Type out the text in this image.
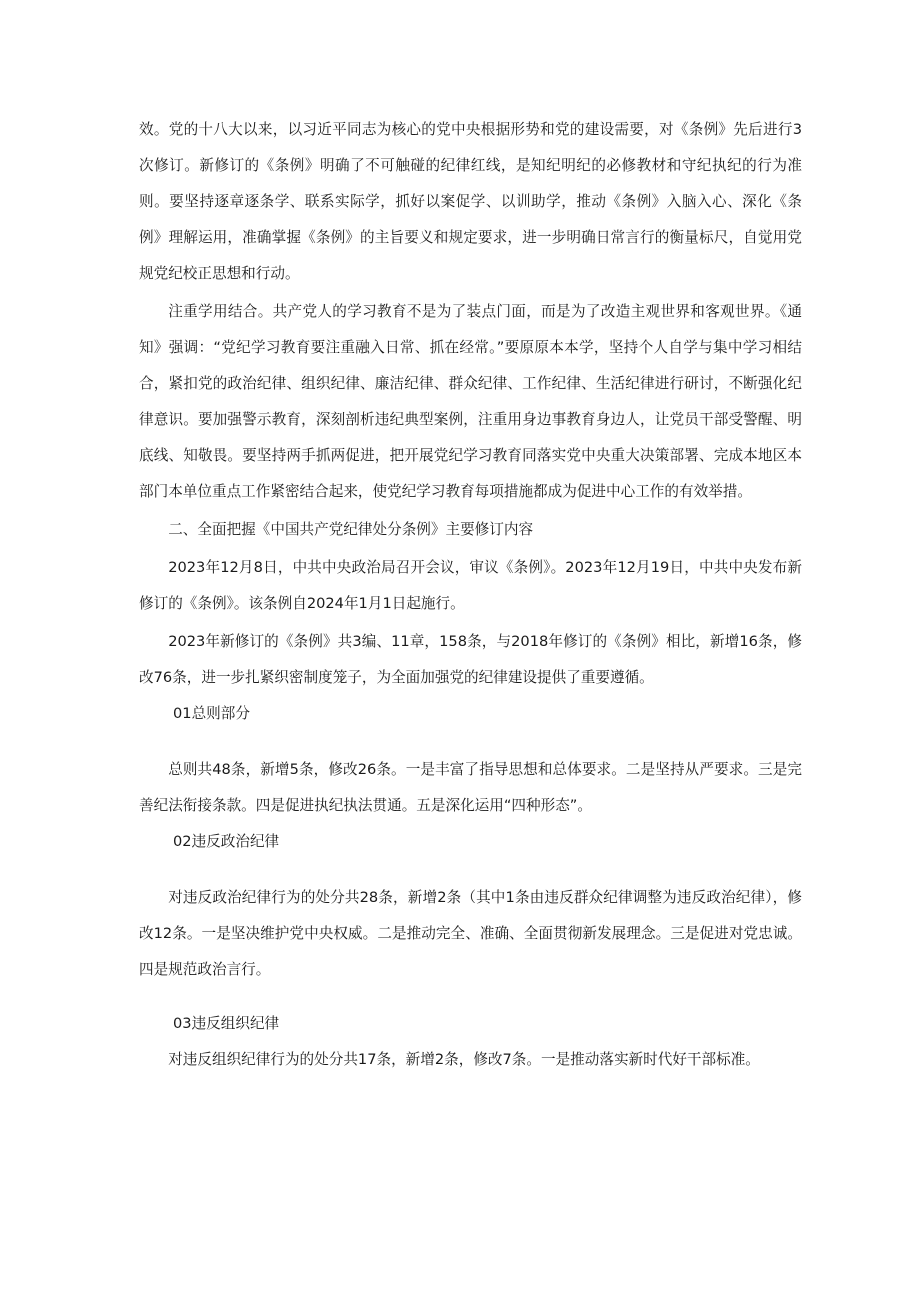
效。党的十八大以来，以习近平同志为核心的党中央根据形势和党的建设需要，对《条例》先后进行3次修订。新修订的《条例》明确了不可触碰的纪律红线，是知纪明纪的必修教材和守纪执纪的行为准则。要坚持逐章逐条学、联系实际学，抓好以案促学、以训助学，推动《条例》入脑入心、深化《条例》理解运用，准确掌握《条例》的主旨要义和规定要求，进一步明确日常言行的衡量标尺，自觉用党规党纪校正思想和行动。

注重学用结合。共产党人的学习教育不是为了装点门面，而是为了改造主观世界和客观世界。《通知》强调：“党纪学习教育要注重融入日常、抓在经常。”要原原本本学，坚持个人自学与集中学习相结合，紧扣党的政治纪律、组织纪律、廉洁纪律、群众纪律、工作纪律、生活纪律进行研讨，不断强化纪律意识。要加强警示教育，深刻剖析违纪典型案例，注重用身边事教育身边人，让党员干部受警醒、明底线、知敬畏。要坚持两手抓两促进，把开展党纪学习教育同落实党中央重大决策部署、完成本地区本部门本单位重点工作紧密结合起来，使党纪学习教育每项措施都成为促进中心工作的有效举措。

二、全面把握《中国共产党纪律处分条例》主要修订内容

2023年12月8日，中共中央政治局召开会议，审议《条例》。2023年12月19日，中共中央发布新修订的《条例》。该条例自2024年1月1日起施行。

2023年新修订的《条例》共3编、11章，158条，与2018年修订的《条例》相比，新增16条，修改76条，进一步扎紧织密制度笼子，为全面加强党的纪律建设提供了重要遵循。

01总则部分

总则共48条，新增5条，修改26条。一是丰富了指导思想和总体要求。二是坚持从严要求。三是完善纪法衔接条款。四是促进执纪执法贯通。五是深化运用“四种形态”。

02违反政治纪律

对违反政治纪律行为的处分共28条，新增2条（其中1条由违反群众纪律调整为违反政治纪律），修改12条。一是坚决维护党中央权威。二是推动完全、准确、全面贯彻新发展理念。三是促进对党忠诚。四是规范政治言行。

03违反组织纪律

对违反组织纪律行为的处分共17条，新增2条，修改7条。一是推动落实新时代好干部标准。
